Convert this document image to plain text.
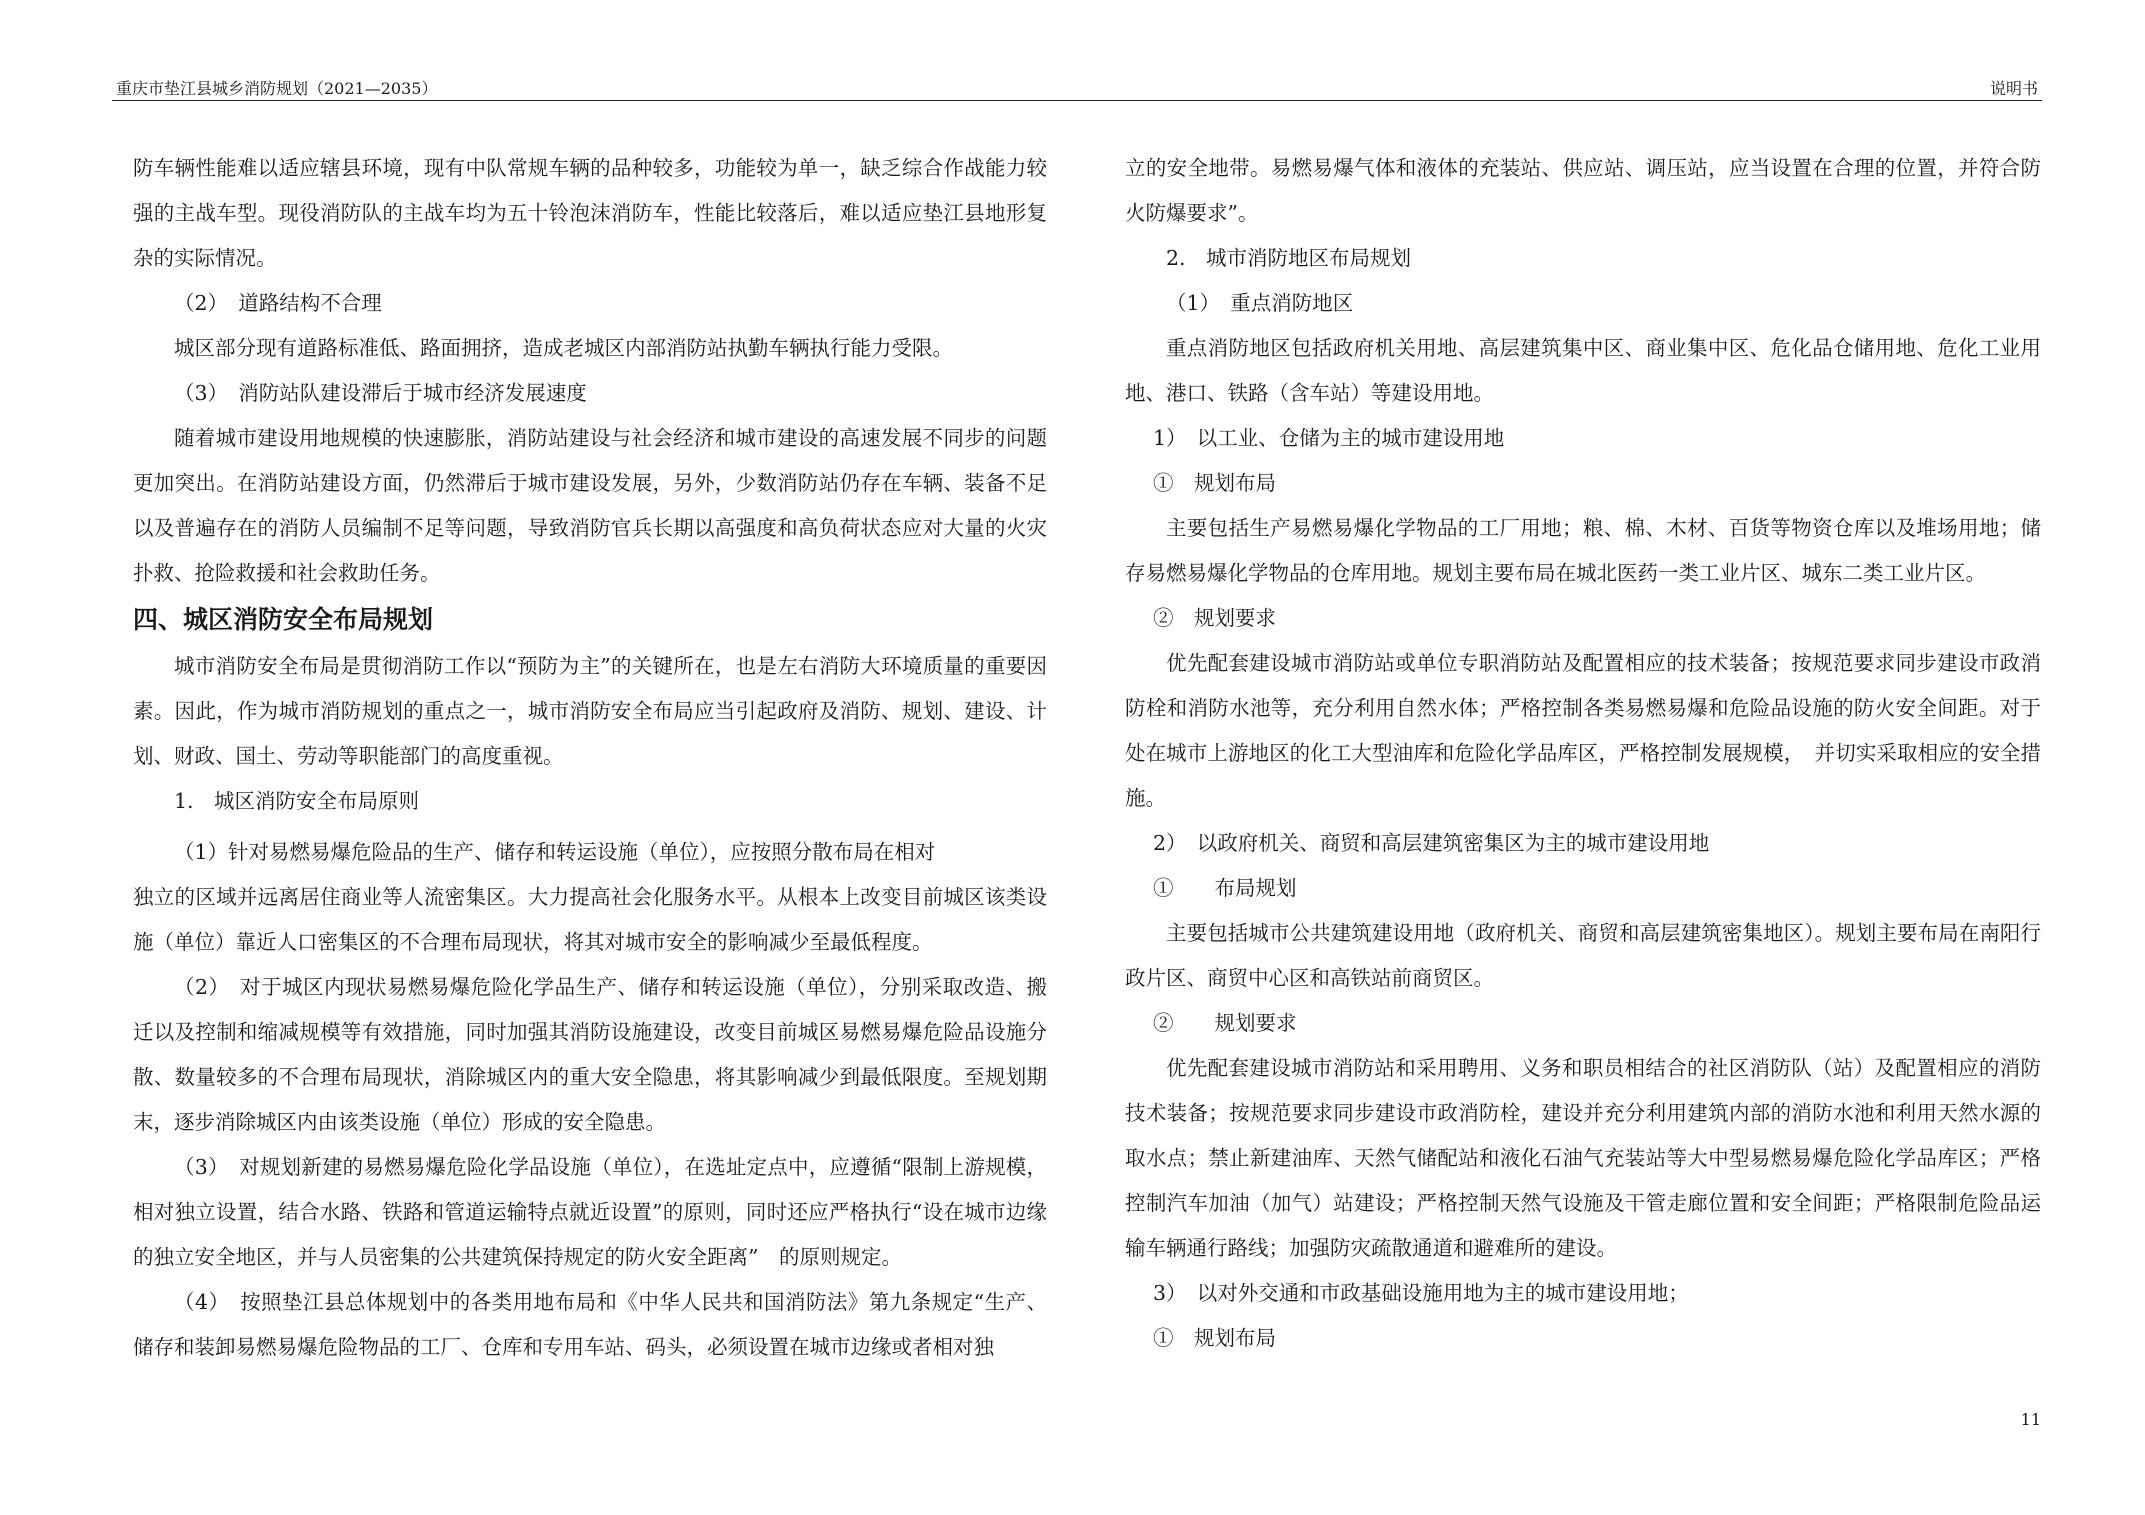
重庆市垫江县城乡消防规划（2021—2035）	说明书

防车辆性能难以适应辖县环境，现有中队常规车辆的品种较多，功能较为单一，缺乏综合作战能力较强的主战车型。现役消防队的主战车均为五十铃泡沫消防车，性能比较落后，难以适应垫江县地形复杂的实际情况。

（2）　道路结构不合理

城区部分现有道路标准低、路面拥挤，造成老城区内部消防站执勤车辆执行能力受限。

（3）　消防站队建设滞后于城市经济发展速度

随着城市建设用地规模的快速膨胀，消防站建设与社会经济和城市建设的高速发展不同步的问题更加突出。在消防站建设方面，仍然滞后于城市建设发展，另外，少数消防站仍存在车辆、装备不足以及普遍存在的消防人员编制不足等问题，导致消防官兵长期以高强度和高负荷状态应对大量的火灾扑救、抢险救援和社会救助任务。

四、城区消防安全布局规划

城市消防安全布局是贯彻消防工作以“预防为主”的关键所在，也是左右消防大环境质量的重要因素。因此，作为城市消防规划的重点之一，城市消防安全布局应当引起政府及消防、规划、建设、计划、财政、国土、劳动等职能部门的高度重视。

1.　城区消防安全布局原则

（1）针对易燃易爆危险品的生产、储存和转运设施（单位），应按照分散布局在相对

独立的区域并远离居住商业等人流密集区。大力提高社会化服务水平。从根本上改变目前城区该类设施（单位）靠近人口密集区的不合理布局现状，将其对城市安全的影响减少至最低程度。

（2）　对于城区内现状易燃易爆危险化学品生产、储存和转运设施（单位），分别采取改造、搬迁以及控制和缩减规模等有效措施，同时加强其消防设施建设，改变目前城区易燃易爆危险品设施分散、数量较多的不合理布局现状，消除城区内的重大安全隐患，将其影响减少到最低限度。至规划期末，逐步消除城区内由该类设施（单位）形成的安全隐患。

（3）　对规划新建的易燃易爆危险化学品设施（单位），在选址定点中，应遵循“限制上游规模，相对独立设置，结合水路、铁路和管道运输特点就近设置”的原则，同时还应严格执行“设在城市边缘的独立安全地区，并与人员密集的公共建筑保持规定的防火安全距离”　的原则规定。

（4）　按照垫江县总体规划中的各类用地布局和《中华人民共和国消防法》第九条规定“生产、储存和装卸易燃易爆危险物品的工厂、仓库和专用车站、码头，必须设置在城市边缘或者相对独

立的安全地带。易燃易爆气体和液体的充装站、供应站、调压站，应当设置在合理的位置，并符合防火防爆要求”。

2.　城市消防地区布局规划

（1）　重点消防地区

重点消防地区包括政府机关用地、高层建筑集中区、商业集中区、危化品仓储用地、危化工业用地、港口、铁路（含车站）等建设用地。

1）　以工业、仓储为主的城市建设用地

①　规划布局

主要包括生产易燃易爆化学物品的工厂用地；粮、棉、木材、百货等物资仓库以及堆场用地；储存易燃易爆化学物品的仓库用地。规划主要布局在城北医药一类工业片区、城东二类工业片区。

②　规划要求

优先配套建设城市消防站或单位专职消防站及配置相应的技术装备；按规范要求同步建设市政消防栓和消防水池等，充分利用自然水体；严格控制各类易燃易爆和危险品设施的防火安全间距。对于处在城市上游地区的化工大型油库和危险化学品库区，严格控制发展规模，　并切实采取相应的安全措施。

2）　以政府机关、商贸和高层建筑密集区为主的城市建设用地

①　　布局规划

主要包括城市公共建筑建设用地（政府机关、商贸和高层建筑密集地区）。规划主要布局在南阳行政片区、商贸中心区和高铁站前商贸区。

②　　规划要求

优先配套建设城市消防站和采用聘用、义务和职员相结合的社区消防队（站）及配置相应的消防技术装备；按规范要求同步建设市政消防栓，建设并充分利用建筑内部的消防水池和利用天然水源的取水点；禁止新建油库、天然气储配站和液化石油气充装站等大中型易燃易爆危险化学品库区；严格控制汽车加油（加气）站建设；严格控制天然气设施及干管走廊位置和安全间距；严格限制危险品运输车辆通行路线；加强防灾疏散通道和避难所的建设。

3）　以对外交通和市政基础设施用地为主的城市建设用地；

①　规划布局

11
